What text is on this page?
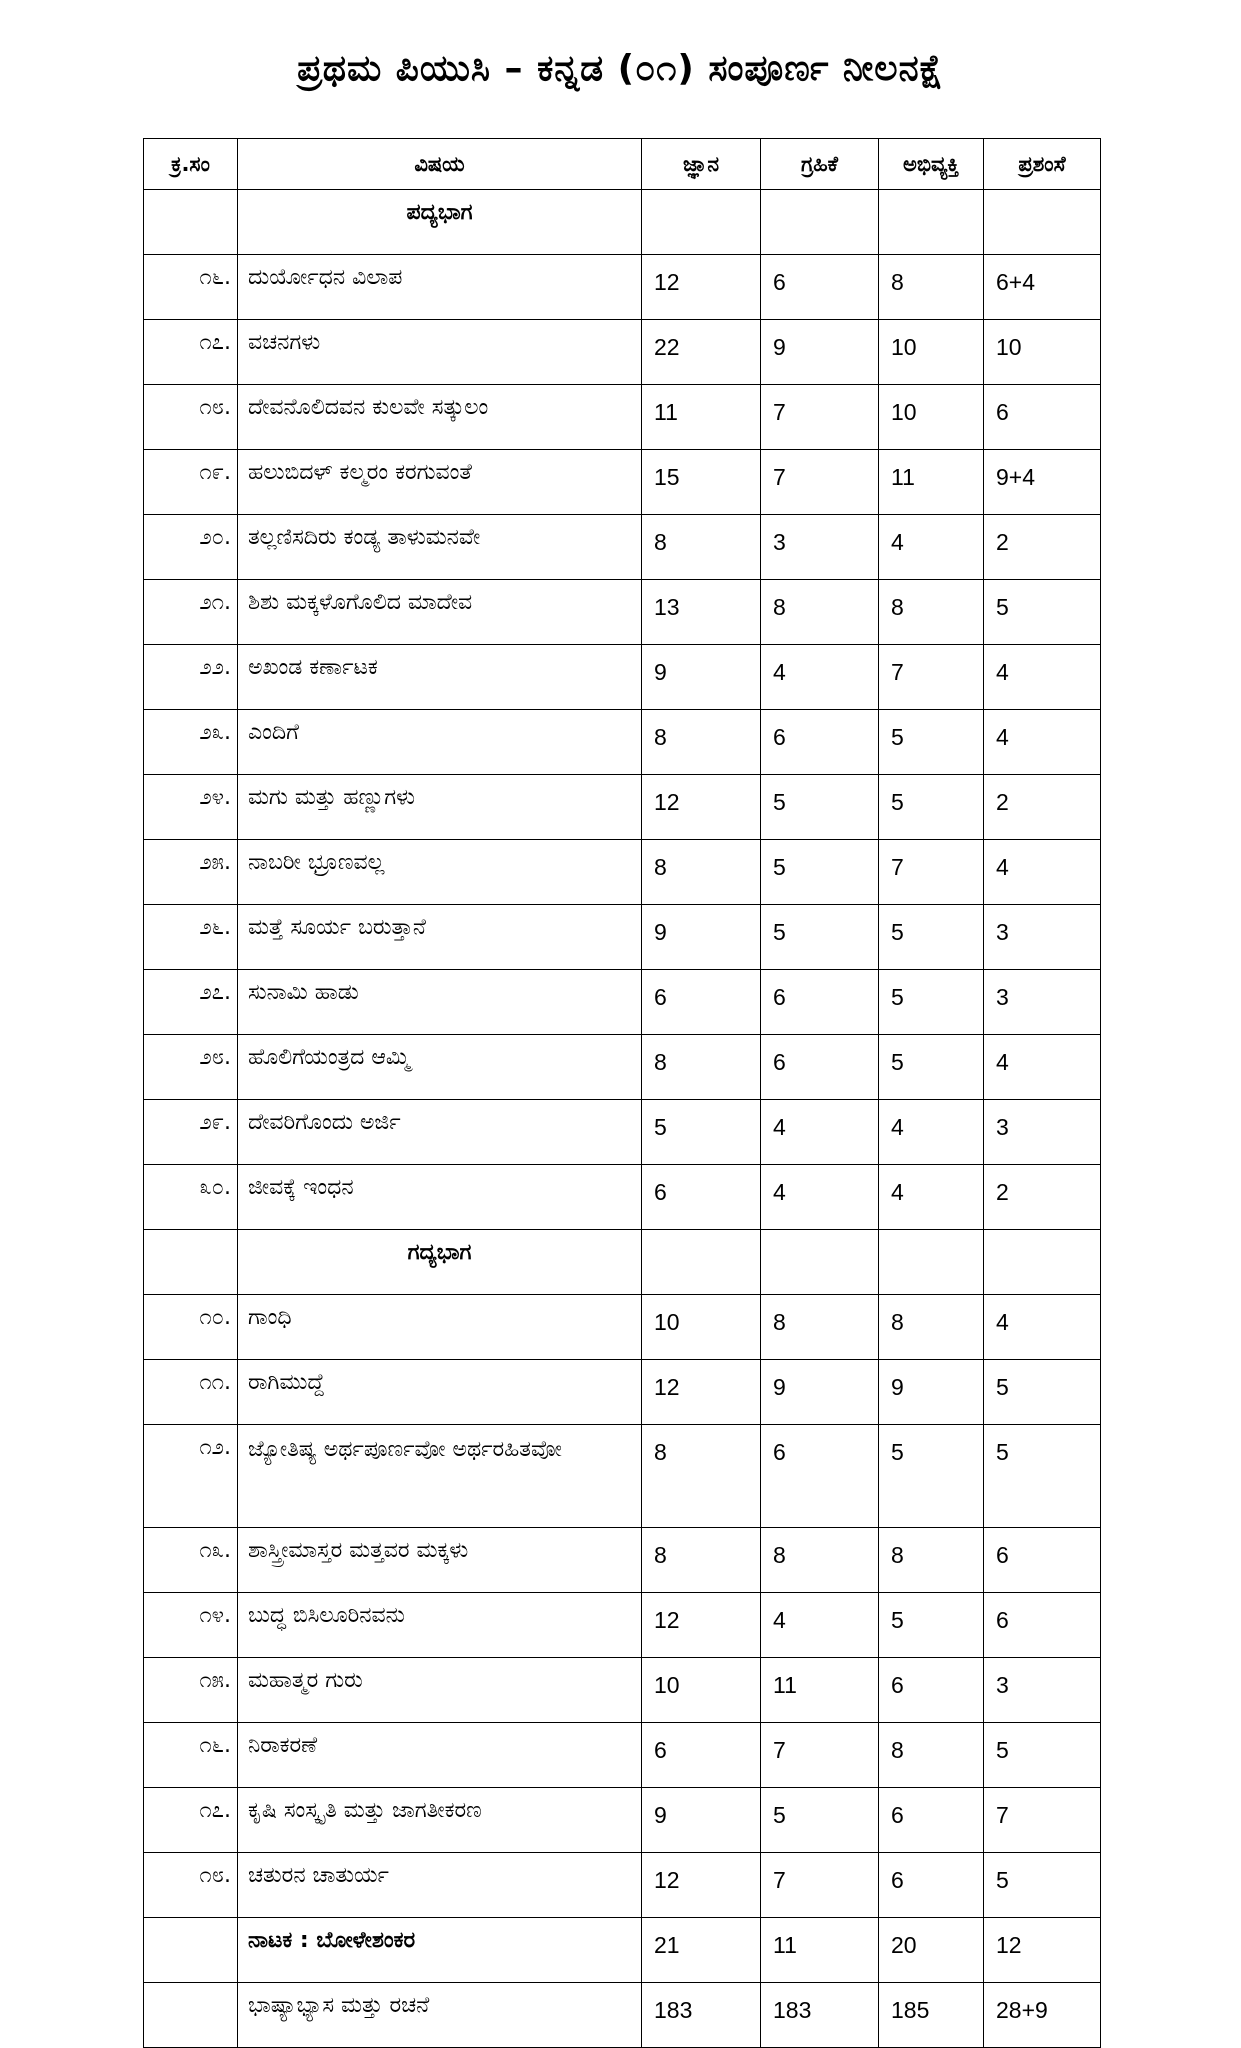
ಪ್ರಥಮ ಪಿಯುಸಿ – ಕನ್ನಡ (೦೧) ಸಂಪೂರ್ಣ ನೀಲನಕ್ಷೆ
ಕ್ರ.ಸಂ	ವಿಷಯ	ಜ್ಞಾನ	ಗ್ರಹಿಕೆ	ಅಭಿವ್ಯಕ್ತಿ	ಪ್ರಶಂಸೆ
	ಪದ್ಯಭಾಗ				
೧೬.	ದುರ್ಯೋಧನ ವಿಲಾಪ	12	6	8	6+4
೧೭.	ವಚನಗಳು	22	9	10	10
೧೮.	ದೇವನೊಲಿದವನ ಕುಲವೇ ಸತ್ಕುಲಂ	11	7	10	6
೧೯.	ಹಲುಬಿದಳ್ ಕಲ್ಮರಂ ಕರಗುವಂತೆ	15	7	11	9+4
೨೦.	ತಲ್ಲಣಿಸದಿರು ಕಂಡ್ಯ ತಾಳುಮನವೇ	8	3	4	2
೨೧.	ಶಿಶು ಮಕ್ಕಳೊಗೊಲಿದ ಮಾದೇವ	13	8	8	5
೨೨.	ಅಖಂಡ ಕರ್ಣಾಟಕ	9	4	7	4
೨೩.	ಎಂದಿಗೆ	8	6	5	4
೨೪.	ಮಗು ಮತ್ತು ಹಣ್ಣುಗಳು	12	5	5	2
೨೫.	ನಾಬರೀ ಭ್ರೂಣವಲ್ಲ	8	5	7	4
೨೬.	ಮತ್ತೆ ಸೂರ್ಯ ಬರುತ್ತಾನೆ	9	5	5	3
೨೭.	ಸುನಾಮಿ ಹಾಡು	6	6	5	3
೨೮.	ಹೊಲಿಗೆಯಂತ್ರದ ಆಮ್ಮಿ	8	6	5	4
೨೯.	ದೇವರಿಗೊಂದು ಅರ್ಜಿ	5	4	4	3
೩೦.	ಜೀವಕ್ಕೆ ಇಂಧನ	6	4	4	2
	ಗದ್ಯಭಾಗ				
೧೦.	ಗಾಂಧಿ	10	8	8	4
೧೧.	ರಾಗಿಮುದ್ದೆ	12	9	9	5
೧೨.	ಜ್ಯೋತಿಷ್ಯ ಅರ್ಥಪೂರ್ಣವೋ ಅರ್ಥರಹಿತವೋ	8	6	5	5
೧೩.	ಶಾಸ್ತ್ರೀಮಾಸ್ತರ ಮತ್ತವರ ಮಕ್ಕಳು	8	8	8	6
೧೪.	ಬುದ್ಧ ಬಿಸಿಲೂರಿನವನು	12	4	5	6
೧೫.	ಮಹಾತ್ಮರ ಗುರು	10	11	6	3
೧೬.	ನಿರಾಕರಣೆ	6	7	8	5
೧೭.	ಕೃಷಿ ಸಂಸ್ಕೃತಿ ಮತ್ತು ಜಾಗತೀಕರಣ	9	5	6	7
೧೮.	ಚತುರನ ಚಾತುರ್ಯ	12	7	6	5
	ನಾಟಕ : ಬೋಳೇಶಂಕರ	21	11	20	12
	ಭಾಷ್ಯಾಭ್ಯಾಸ ಮತ್ತು ರಚನೆ	183	183	185	28+9
